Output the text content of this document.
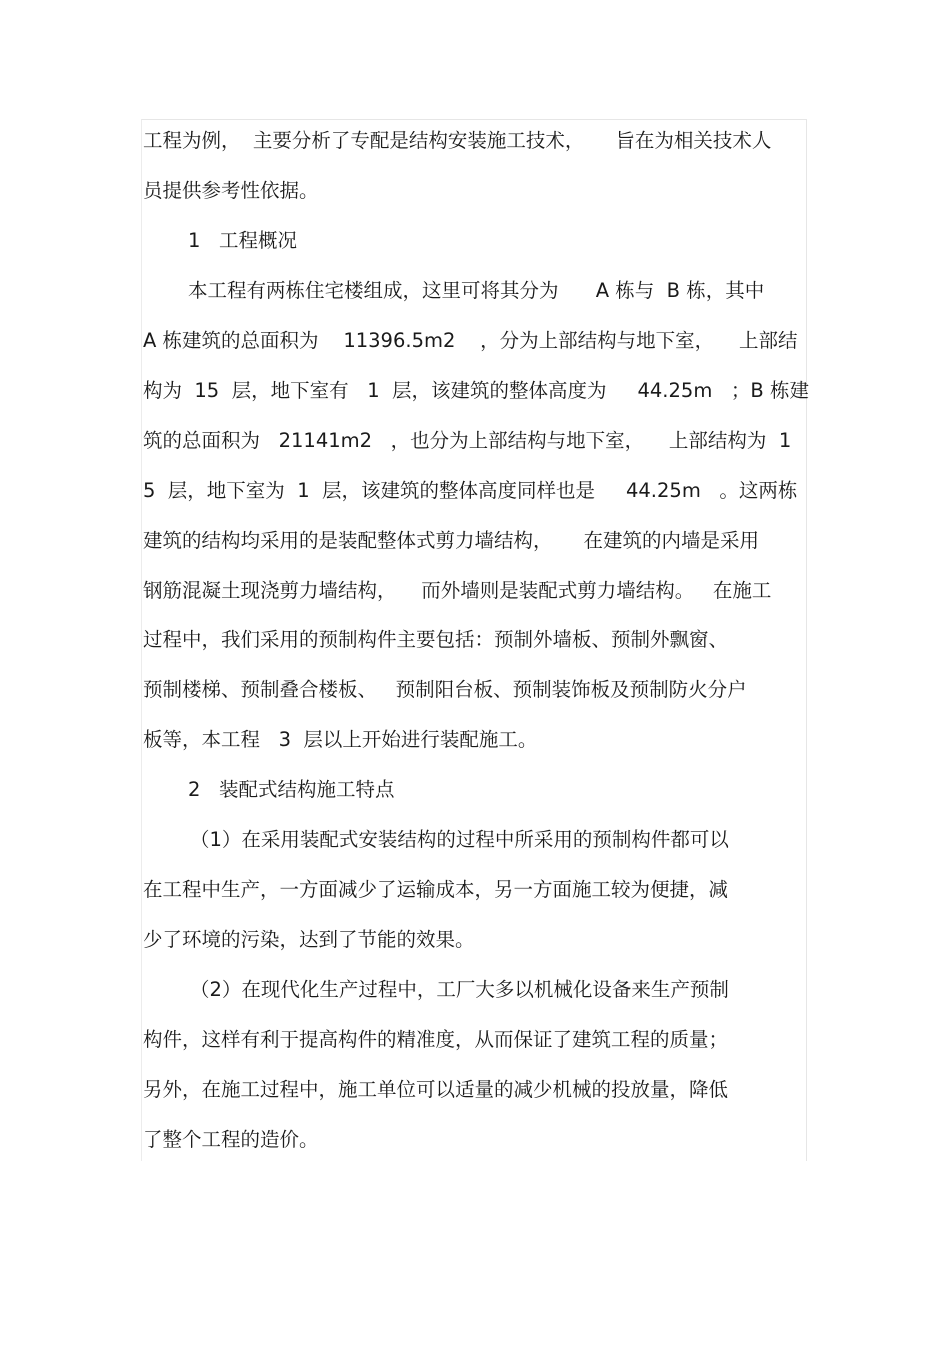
工程为例，  主要分析了专配是结构安装施工技术，     旨在为相关技术人
员提供参考性依据。
1   工程概况
本工程有两栋住宅楼组成，这里可将其分为      A 栋与  B 栋，其中
A 栋建筑的总面积为    11396.5m2    ，分为上部结构与地下室，    上部结
构为  15  层，地下室有   1  层，该建筑的整体高度为     44.25m   ；B 栋建
筑的总面积为   21141m2   ，也分为上部结构与地下室，    上部结构为  1
5  层，地下室为  1  层，该建筑的整体高度同样也是     44.25m   。这两栋
建筑的结构均采用的是装配整体式剪力墙结构，     在建筑的内墙是采用
钢筋混凝土现浇剪力墙结构，    而外墙则是装配式剪力墙结构。   在施工
过程中，我们采用的预制构件主要包括：预制外墙板、预制外飘窗、
预制楼梯、预制叠合楼板、   预制阳台板、预制装饰板及预制防火分户
板等，本工程   3  层以上开始进行装配施工。
2   装配式结构施工特点
（1）在采用装配式安装结构的过程中所采用的预制构件都可以
在工程中生产，一方面减少了运输成本，另一方面施工较为便捷，减
少了环境的污染，达到了节能的效果。
（2）在现代化生产过程中，工厂大多以机械化设备来生产预制
构件，这样有利于提高构件的精准度，从而保证了建筑工程的质量；
另外，在施工过程中，施工单位可以适量的减少机械的投放量，降低
了整个工程的造价。
